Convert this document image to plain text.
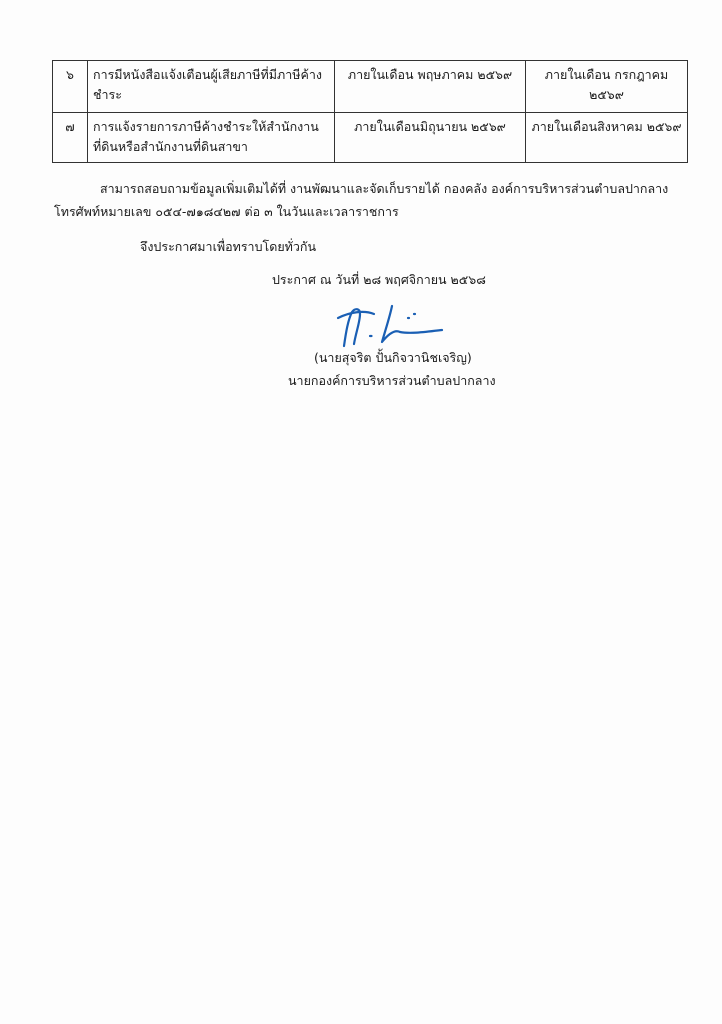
๖	การมีหนังสือแจ้งเตือนผู้เสียภาษีที่มีภาษีค้างชำระ	ภายในเดือน พฤษภาคม ๒๕๖๙	ภายในเดือน กรกฎาคม ๒๕๖๙
๗	การแจ้งรายการภาษีค้างชำระให้สำนักงานที่ดินหรือสำนักงานที่ดินสาขา	ภายในเดือนมิถุนายน ๒๕๖๙	ภายในเดือนสิงหาคม ๒๕๖๙
สามารถสอบถามข้อมูลเพิ่มเติมได้ที่ งานพัฒนาและจัดเก็บรายได้ กองคลัง องค์การบริหารส่วนตำบลปากลาง
โทรศัพท์หมายเลข ๐๕๔-๗๑๘๔๒๗ ต่อ ๓ ในวันและเวลาราชการ
จึงประกาศมาเพื่อทราบโดยทั่วกัน
ประกาศ ณ วันที่ ๒๘ พฤศจิกายน ๒๕๖๘
(นายสุจริต ปั้นกิจวานิชเจริญ)
นายกองค์การบริหารส่วนตำบลปากลาง
